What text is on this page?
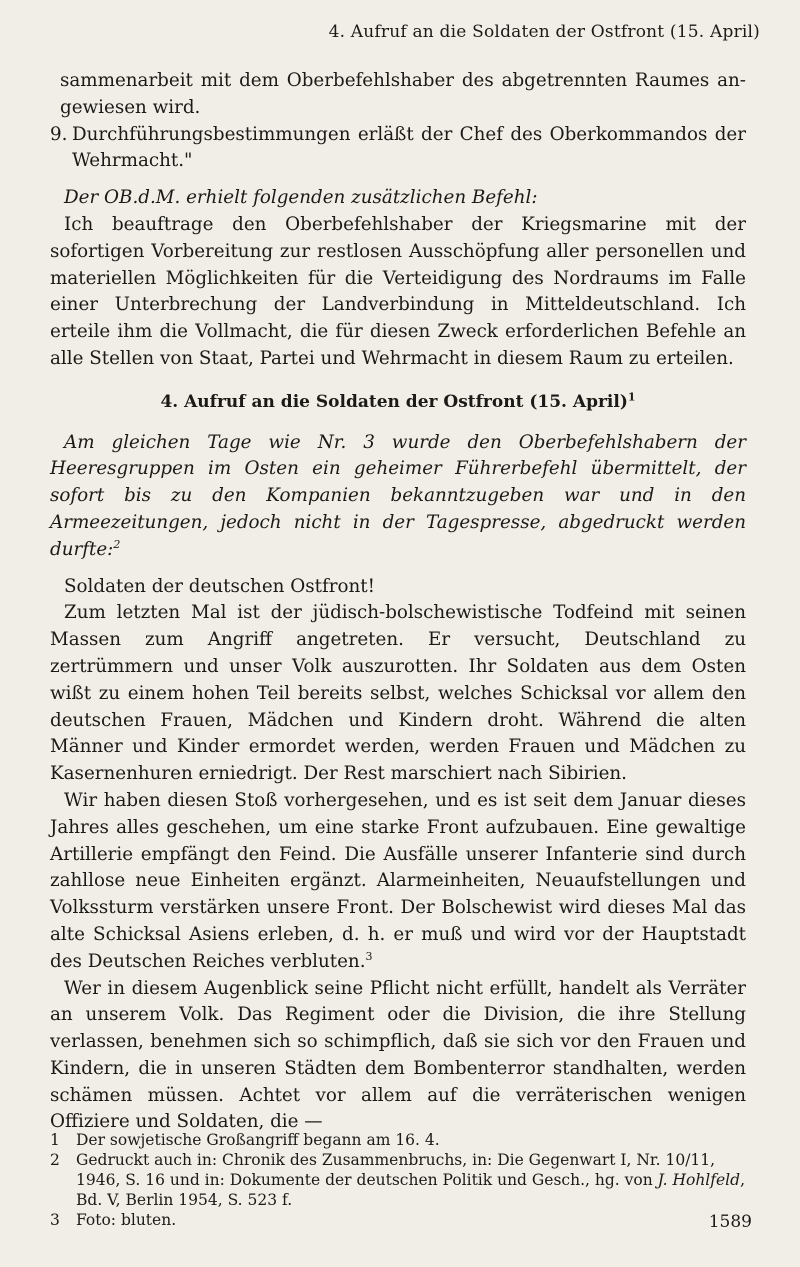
4. Aufruf an die Soldaten der Ostfront (15. April)

sammenarbeit mit dem Oberbefehlshaber des abgetrennten Raumes an-gewiesen wird.

9. Durchführungsbestimmungen erläßt der Chef des Oberkommandos der Wehrmacht."

Der OB.d.M. erhielt folgenden zusätzlichen Befehl:

Ich beauftrage den Oberbefehlshaber der Kriegsmarine mit der sofortigen Vorbereitung zur restlosen Ausschöpfung aller personellen und materiellen Möglichkeiten für die Verteidigung des Nordraums im Falle einer Unterbrechung der Landverbindung in Mitteldeutschland. Ich erteile ihm die Vollmacht, die für diesen Zweck erforderlichen Befehle an alle Stellen von Staat, Partei und Wehrmacht in diesem Raum zu erteilen.

4. Aufruf an die Soldaten der Ostfront (15. April)$^1$

Am gleichen Tage wie Nr. 3 wurde den Oberbefehlshabern der Heeresgruppen im Osten ein geheimer Führerbefehl übermittelt, der sofort bis zu den Kompanien bekanntzugeben war und in den Armeezeitungen, jedoch nicht in der Tagespresse, abgedruckt werden durfte:$^2$

Soldaten der deutschen Ostfront!

Zum letzten Mal ist der jüdisch-bolschewistische Todfeind mit seinen Massen zum Angriff angetreten. Er versucht, Deutschland zu zertrümmern und unser Volk auszurotten. Ihr Soldaten aus dem Osten wißt zu einem hohen Teil bereits selbst, welches Schicksal vor allem den deutschen Frauen, Mädchen und Kindern droht. Während die alten Männer und Kinder ermordet werden, werden Frauen und Mädchen zu Kasernenhuren erniedrigt. Der Rest marschiert nach Sibirien.

Wir haben diesen Stoß vorhergesehen, und es ist seit dem Januar dieses Jahres alles geschehen, um eine starke Front aufzubauen. Eine gewaltige Artillerie empfängt den Feind. Die Ausfälle unserer Infanterie sind durch zahllose neue Einheiten ergänzt. Alarmeinheiten, Neuaufstellungen und Volkssturm verstärken unsere Front. Der Bolschewist wird dieses Mal das alte Schicksal Asiens erleben, d. h. er muß und wird vor der Hauptstadt des Deutschen Reiches verbluten.$^3$

Wer in diesem Augenblick seine Pflicht nicht erfüllt, handelt als Verräter an unserem Volk. Das Regiment oder die Division, die ihre Stellung verlassen, benehmen sich so schimpflich, daß sie sich vor den Frauen und Kindern, die in unseren Städten dem Bombenterror standhalten, werden schämen müssen. Achtet vor allem auf die verräterischen wenigen Offiziere und Soldaten, die —

1	Der sowjetische Großangriff begann am 16. 4.
2	Gedruckt auch in: Chronik des Zusammenbruchs, in: Die Gegenwart I, Nr. 10/11, 1946, S. 16 und in: Dokumente der deutschen Politik und Gesch., hg. von J. Hohlfeld, Bd. V, Berlin 1954, S. 523 f.
3	Foto: bluten.	1589
